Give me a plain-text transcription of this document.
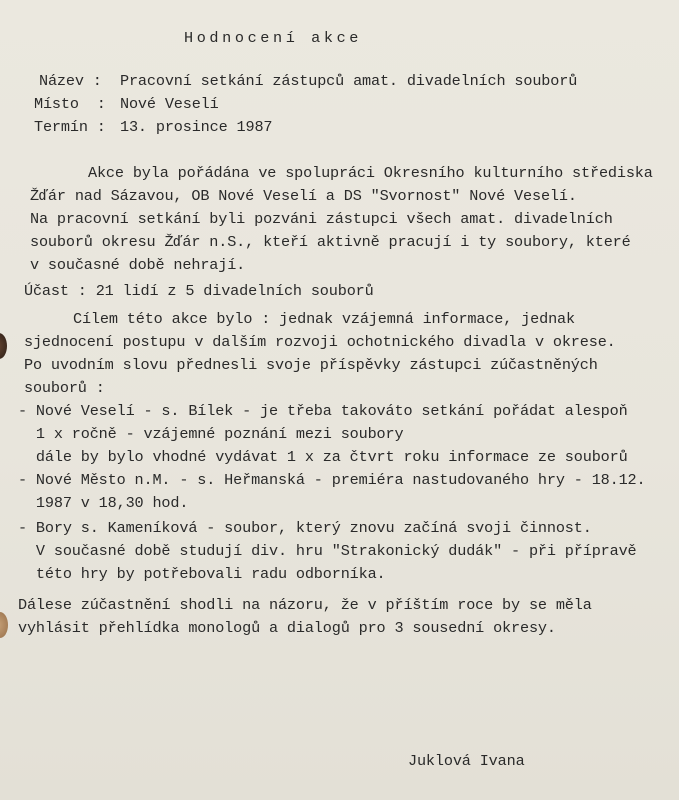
Hodnocení akce
Název : Pracovní setkání zástupců amat. divadelních souborů
Místo  : Nové Veselí
Termín : 13. prosince 1987
Akce byla pořádána ve spolupráci Okresního kulturního střediska
Žďár nad Sázavou, OB Nové Veselí a DS "Svornost" Nové Veselí.
Na pracovní setkání byli pozváni zástupci všech amat. divadelních
souborů okresu Žďár n.S., kteří aktivně pracují i ty soubory, které
v současné době nehrají.
Účast : 21 lidí z 5 divadelních souborů
Cílem této akce bylo : jednak vzájemná informace, jednak
sjednocení postupu v dalším rozvoji ochotnického divadla v okrese.
Po uvodním slovu přednesli svoje příspěvky zástupci zúčastněných
souborů :
- Nové Veselí - s. Bílek - je třeba takováto setkání pořádat alespoň
1 x ročně - vzájemné poznání mezi soubory
dále by bylo vhodné vydávat 1 x za čtvrt roku informace ze souborů
- Nové Město n.M. - s. Heřmanská - premiéra nastudovaného hry - 18.12.
1987 v 18,30 hod.
- Bory s. Kameníková - soubor, který znovu začíná svoji činnost.
V současné době studují div. hru "Strakonický dudák" - při přípravě
této hry by potřebovali radu odborníka.
Dálese zúčastnění shodli na názoru, že v příštím roce by se měla
vyhlásit přehlídka monologů a dialogů pro 3 sousední okresy.
Juklová Ivana
